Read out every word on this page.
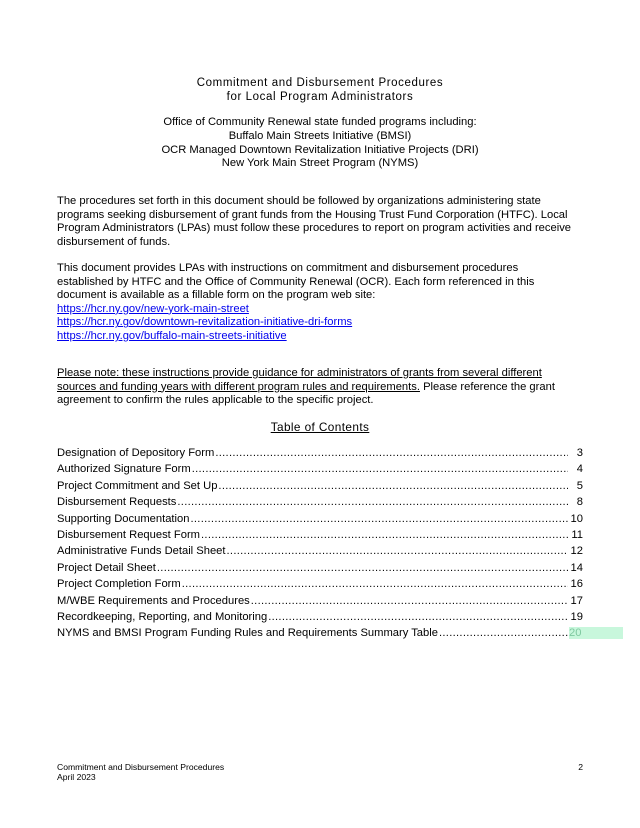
Commitment and Disbursement Procedures
for Local Program Administrators
Office of Community Renewal state funded programs including:
Buffalo Main Streets Initiative (BMSI)
OCR Managed Downtown Revitalization Initiative Projects (DRI)
New York Main Street Program (NYMS)
The procedures set forth in this document should be followed by organizations administering state programs seeking disbursement of grant funds from the Housing Trust Fund Corporation (HTFC). Local Program Administrators (LPAs) must follow these procedures to report on program activities and receive disbursement of funds.
This document provides LPAs with instructions on commitment and disbursement procedures established by HTFC and the Office of Community Renewal (OCR). Each form referenced in this document is available as a fillable form on the program web site:
https://hcr.ny.gov/new-york-main-street
https://hcr.ny.gov/downtown-revitalization-initiative-dri-forms
https://hcr.ny.gov/buffalo-main-streets-initiative
Please note: these instructions provide guidance for administrators of grants from several different sources and funding years with different program rules and requirements. Please reference the grant agreement to confirm the rules applicable to the specific project.
Table of Contents
Designation of Depository Form .....	3
Authorized Signature Form .....	4
Project Commitment and Set Up .....	5
Disbursement Requests .....	8
Supporting Documentation .....	10
Disbursement Request Form .....	11
Administrative Funds Detail Sheet .....	12
Project Detail Sheet .....	14
Project Completion Form .....	16
M/WBE Requirements and Procedures .....	17
Recordkeeping, Reporting, and Monitoring .....	19
NYMS and BMSI Program Funding Rules and Requirements Summary Table .....	20
Commitment and Disbursement Procedures
April 2023
2
